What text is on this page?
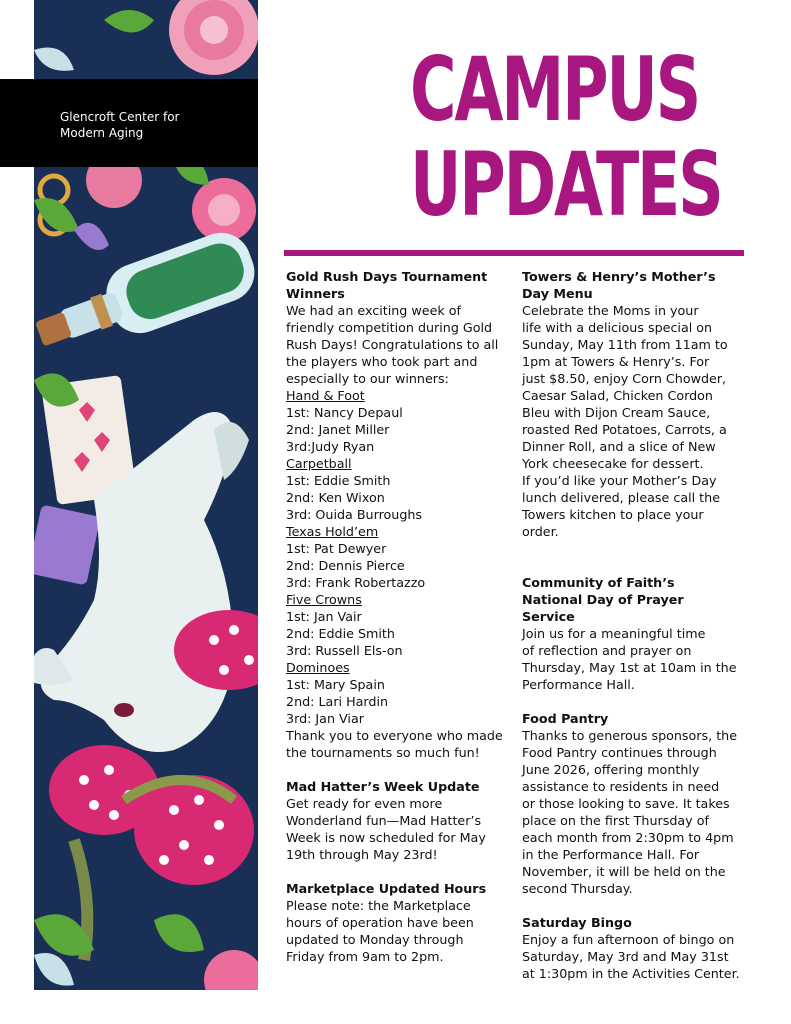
Glencroft Center for
Modern Aging	CAMPUS
UPDATES

Gold Rush Days Tournament

Winners

We had an exciting week of

friendly competition during Gold

Rush Days! Congratulations to all

the players who took part and

especially to our winners:

Hand & Foot

1st: Nancy Depaul

2nd: Janet Miller

3rd:Judy Ryan

Carpetball

1st: Eddie Smith

2nd: Ken Wixon

3rd: Ouida Burroughs

Texas Hold’em

1st: Pat Dewyer

2nd: Dennis Pierce

3rd: Frank Robertazzo

Five Crowns

1st: Jan Vair

2nd: Eddie Smith

3rd: Russell Els-on

Dominoes

1st: Mary Spain

2nd: Lari Hardin

3rd: Jan Viar

Thank you to everyone who made

the tournaments so much fun!

Mad Hatter’s Week Update

Get ready for even more

Wonderland fun—Mad Hatter’s

Week is now scheduled for May

19th through May 23rd!

Marketplace Updated Hours

Please note: the Marketplace

hours of operation have been

updated to Monday through

Friday from 9am to 2pm.

Towers & Henry’s Mother’s

Day Menu

Celebrate the Moms in your

life with a delicious special on

Sunday, May 11th from 11am to

1pm at Towers & Henry’s. For

just $8.50, enjoy Corn Chowder,

Caesar Salad, Chicken Cordon

Bleu with Dijon Cream Sauce,

roasted Red Potatoes, Carrots, a

Dinner Roll, and a slice of New

York cheesecake for dessert.

If you’d like your Mother’s Day

lunch delivered, please call the

Towers kitchen to place your

order.

Community of Faith’s

National Day of Prayer

Service

Join us for a meaningful time

of reflection and prayer on

Thursday, May 1st at 10am in the

Performance Hall.

Food Pantry

Thanks to generous sponsors, the

Food Pantry continues through

June 2026, offering monthly

assistance to residents in need

or those looking to save. It takes

place on the first Thursday of

each month from 2:30pm to 4pm

in the Performance Hall. For

November, it will be held on the

second Thursday.

Saturday Bingo

Enjoy a fun afternoon of bingo on

Saturday, May 3rd and May 31st

at 1:30pm in the Activities Center.
